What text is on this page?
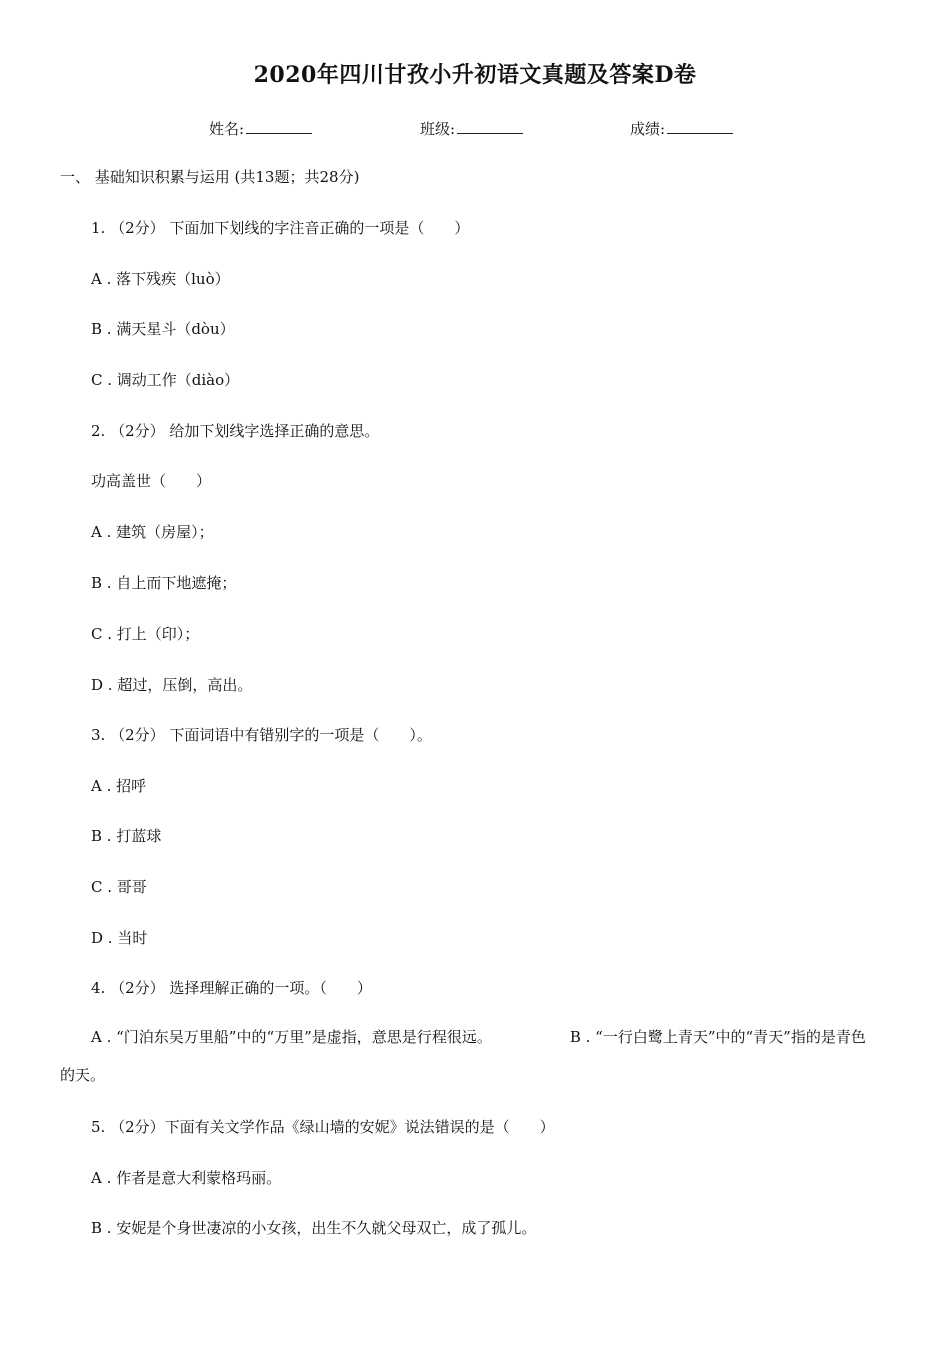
2020年四川甘孜小升初语文真题及答案D卷
姓名:	班级:	成绩:
一、 基础知识积累与运用 (共13题；共28分)
1. （2分） 下面加下划线的字注音正确的一项是（　　）
A . 落下残疾（luò）
B . 满天星斗（dòu）
C . 调动工作（diào）
2. （2分） 给加下划线字选择正确的意思。
功高盖世（　　）
A . 建筑（房屋）；
B . 自上而下地遮掩；
C . 打上（印）；
D . 超过，压倒，高出。
3. （2分） 下面词语中有错别字的一项是（　　）。
A . 招呼
B . 打蓝球
C . 哥哥
D . 当时
4. （2分） 选择理解正确的一项。（　　）
A . “门泊东吴万里船”中的“万里”是虚指，意思是行程很远。	B . “一行白鹭上青天”中的“青天”指的是青色的天。
5. （2分）下面有关文学作品《绿山墙的安妮》说法错误的是（　　）
A . 作者是意大利蒙格玛丽。
B . 安妮是个身世凄凉的小女孩，出生不久就父母双亡，成了孤儿。
